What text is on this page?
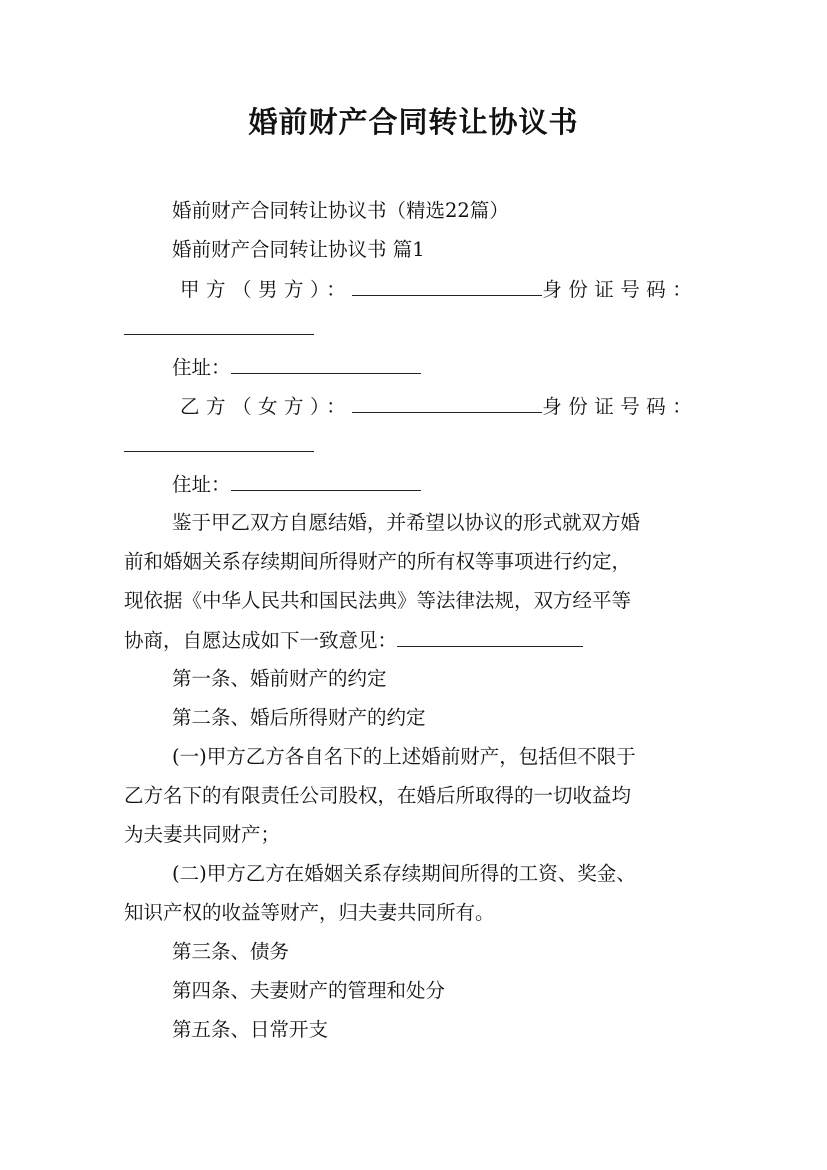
婚前财产合同转让协议书
婚前财产合同转让协议书（精选22篇）
婚前财产合同转让协议书 篇1
甲方（男方）：	身份证号码：
住址：
乙方（女方）：	身份证号码：
住址：
鉴于甲乙双方自愿结婚，并希望以协议的形式就双方婚
前和婚姻关系存续期间所得财产的所有权等事项进行约定，
现依据《中华人民共和国民法典》等法律法规，双方经平等
协商，自愿达成如下一致意见：
第一条、婚前财产的约定
第二条、婚后所得财产的约定
(一)甲方乙方各自名下的上述婚前财产，包括但不限于
乙方名下的有限责任公司股权，在婚后所取得的一切收益均
为夫妻共同财产；
(二)甲方乙方在婚姻关系存续期间所得的工资、奖金、
知识产权的收益等财产，归夫妻共同所有。
第三条、债务
第四条、夫妻财产的管理和处分
第五条、日常开支
